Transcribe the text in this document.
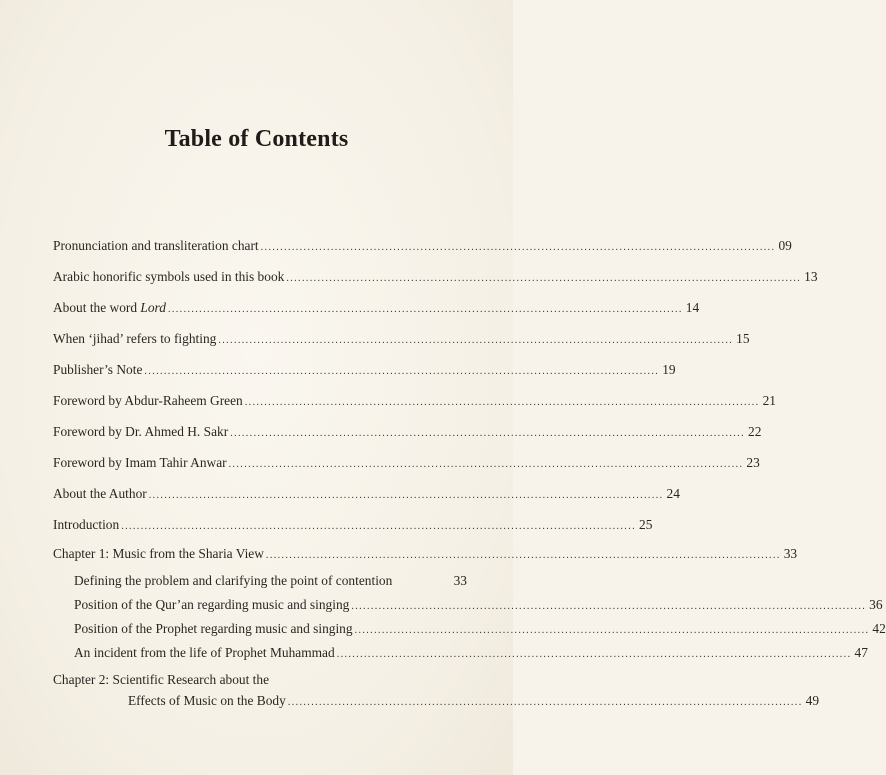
Table of Contents
Pronunciation and transliteration chart .................................................................................................................................... 09
Arabic honorific symbols used in this book .................................................................................................................................... 13
About the word Lord .................................................................................................................................... 14
When ‘jihad’ refers to fighting .................................................................................................................................... 15
Publisher’s Note .................................................................................................................................... 19
Foreword by Abdur-Raheem Green .................................................................................................................................... 21
Foreword by Dr. Ahmed H. Sakr .................................................................................................................................... 22
Foreword by Imam Tahir Anwar .................................................................................................................................... 23
About the Author .................................................................................................................................... 24
Introduction .................................................................................................................................... 25
Chapter 1: Music from the Sharia View .................................................................................................................................... 33
Defining the problem and clarifying the point of contention	33
Position of the Qur’an regarding music and singing .................................................................................................................................... 36
Position of the Prophet regarding music and singing .................................................................................................................................... 42
An incident from the life of Prophet Muhammad .................................................................................................................................... 47
Chapter 2: Scientific Research about the
Effects of Music on the Body .................................................................................................................................... 49
